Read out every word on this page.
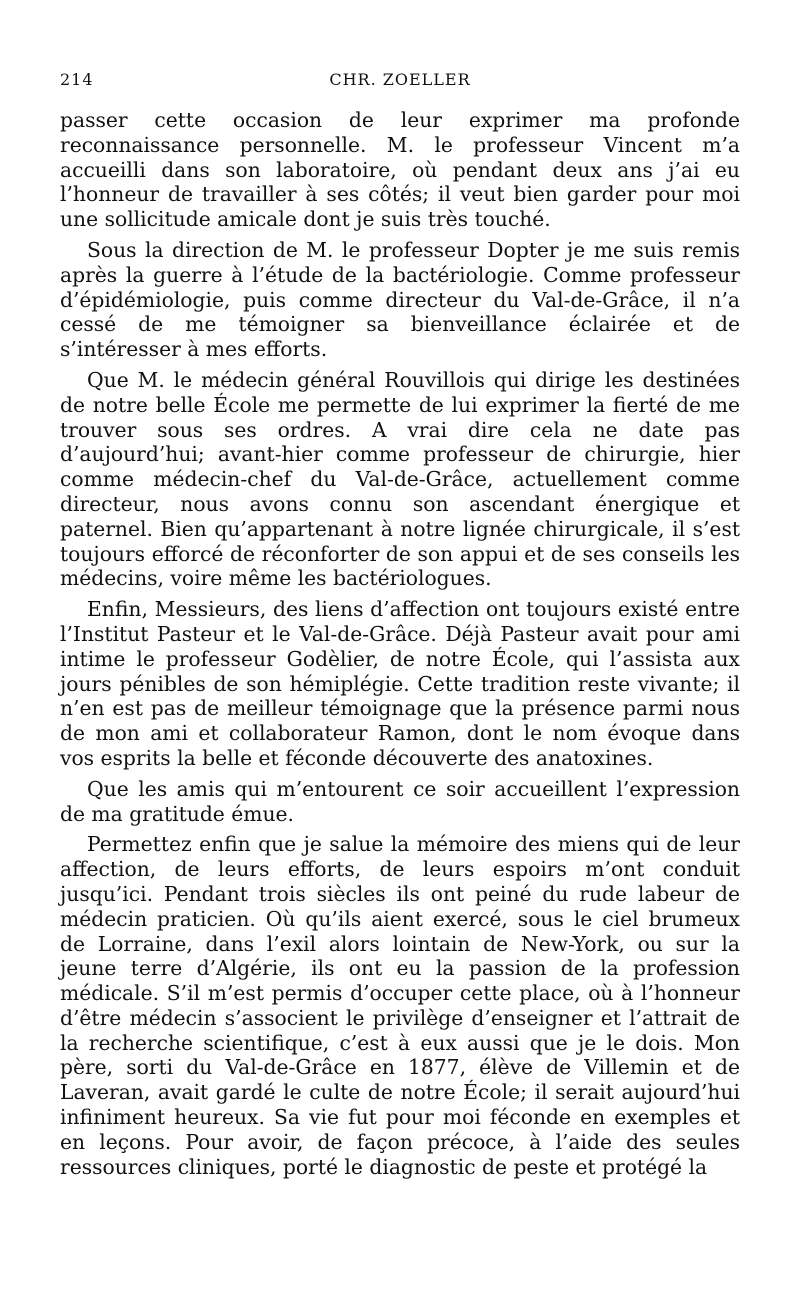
214	CHR. ZOELLER

passer cette occasion de leur exprimer ma profonde reconnaissance personnelle. M. le professeur Vincent m’a accueilli dans son laboratoire, où pendant deux ans j’ai eu l’honneur de travailler à ses côtés; il veut bien garder pour moi une sollicitude amicale dont je suis très touché.

Sous la direction de M. le professeur Dopter je me suis remis après la guerre à l’étude de la bactériologie. Comme professeur d’épidémiologie, puis comme directeur du Val-de-Grâce, il n’a cessé de me témoigner sa bienveillance éclairée et de s’intéresser à mes efforts.

Que M. le médecin général Rouvillois qui dirige les destinées de notre belle École me permette de lui exprimer la fierté de me trouver sous ses ordres. A vrai dire cela ne date pas d’aujourd’hui; avant-hier comme professeur de chirurgie, hier comme médecin-chef du Val-de-Grâce, actuellement comme directeur, nous avons connu son ascendant énergique et paternel. Bien qu’appartenant à notre lignée chirurgicale, il s’est toujours efforcé de réconforter de son appui et de ses conseils les médecins, voire même les bactériologues.

Enfin, Messieurs, des liens d’affection ont toujours existé entre l’Institut Pasteur et le Val-de-Grâce. Déjà Pasteur avait pour ami intime le professeur Godèlier, de notre École, qui l’assista aux jours pénibles de son hémiplégie. Cette tradition reste vivante; il n’en est pas de meilleur témoignage que la présence parmi nous de mon ami et collaborateur Ramon, dont le nom évoque dans vos esprits la belle et féconde découverte des anatoxines.

Que les amis qui m’entourent ce soir accueillent l’expression de ma gratitude émue.

Permettez enfin que je salue la mémoire des miens qui de leur affection, de leurs efforts, de leurs espoirs m’ont conduit jusqu’ici. Pendant trois siècles ils ont peiné du rude labeur de médecin praticien. Où qu’ils aient exercé, sous le ciel brumeux de Lorraine, dans l’exil alors lointain de New-York, ou sur la jeune terre d’Algérie, ils ont eu la passion de la profession médicale. S’il m’est permis d’occuper cette place, où à l’honneur d’être médecin s’associent le privilège d’enseigner et l’attrait de la recherche scientifique, c’est à eux aussi que je le dois. Mon père, sorti du Val-de-Grâce en 1877, élève de Villemin et de Laveran, avait gardé le culte de notre École; il serait aujourd’hui infiniment heureux. Sa vie fut pour moi féconde en exemples et en leçons. Pour avoir, de façon précoce, à l’aide des seules ressources cliniques, porté le diagnostic de peste et protégé la
